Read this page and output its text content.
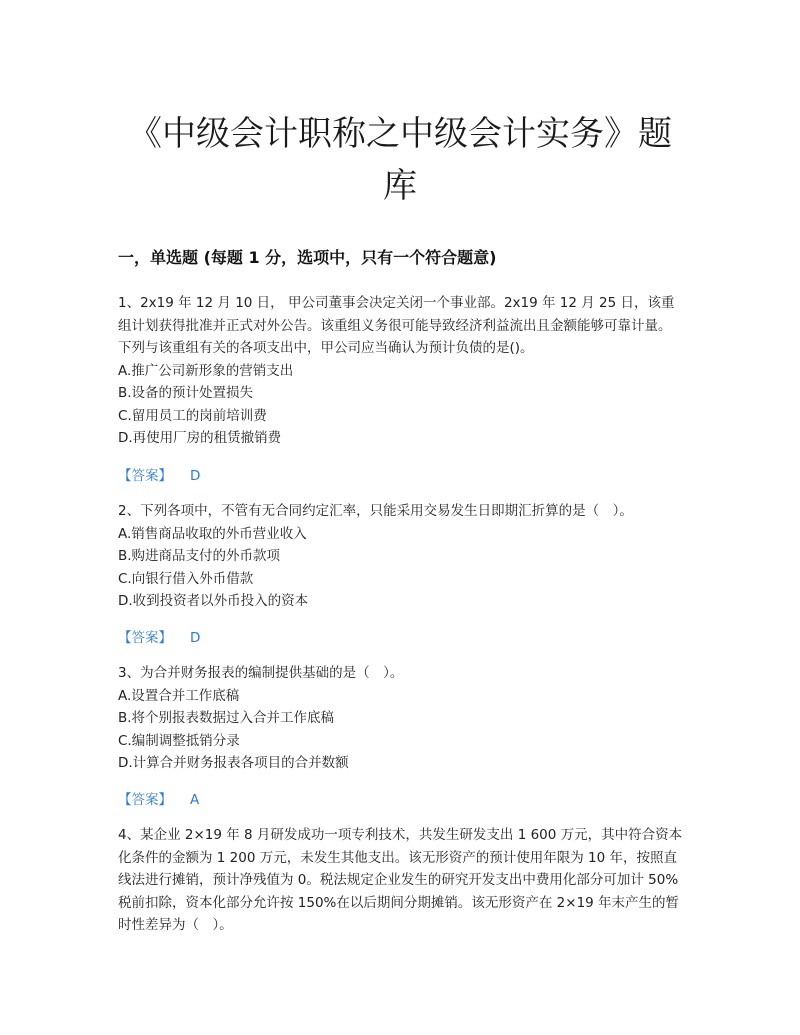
《中级会计职称之中级会计实务》题
库
一，单选题 (每题 1 分，选项中，只有一个符合题意)

1、2x19 年 12 月 10 日， 甲公司董事会决定关闭一个事业部。2x19 年 12 月 25 日，该重组计划获得批准并正式对外公告。该重组义务很可能导致经济利益流出且金额能够可靠计量。下列与该重组有关的各项支出中，甲公司应当确认为预计负债的是()。

A.推广公司新形象的营销支出

B.设备的预计处置损失

C.留用员工的岗前培训费

D.再使用厂房的租赁撤销费

【答案】 D

2、下列各项中，不管有无合同约定汇率，只能采用交易发生日即期汇折算的是（　）。

A.销售商品收取的外币营业收入

B.购进商品支付的外币款项

C.向银行借入外币借款

D.收到投资者以外币投入的资本

【答案】 D

3、为合并财务报表的编制提供基础的是（　）。

A.设置合并工作底稿

B.将个别报表数据过入合并工作底稿

C.编制调整抵销分录

D.计算合并财务报表各项目的合并数额

【答案】 A

4、某企业 2×19 年 8 月研发成功一项专利技术，共发生研发支出 1 600 万元，其中符合资本化条件的金额为 1 200 万元，未发生其他支出。该无形资产的预计使用年限为 10 年，按照直线法进行摊销，预计净残值为 0。税法规定企业发生的研究开发支出中费用化部分可加计 50%税前扣除，资本化部分允许按 150%在以后期间分期摊销。该无形资产在 2×19 年末产生的暂时性差异为（　）。
